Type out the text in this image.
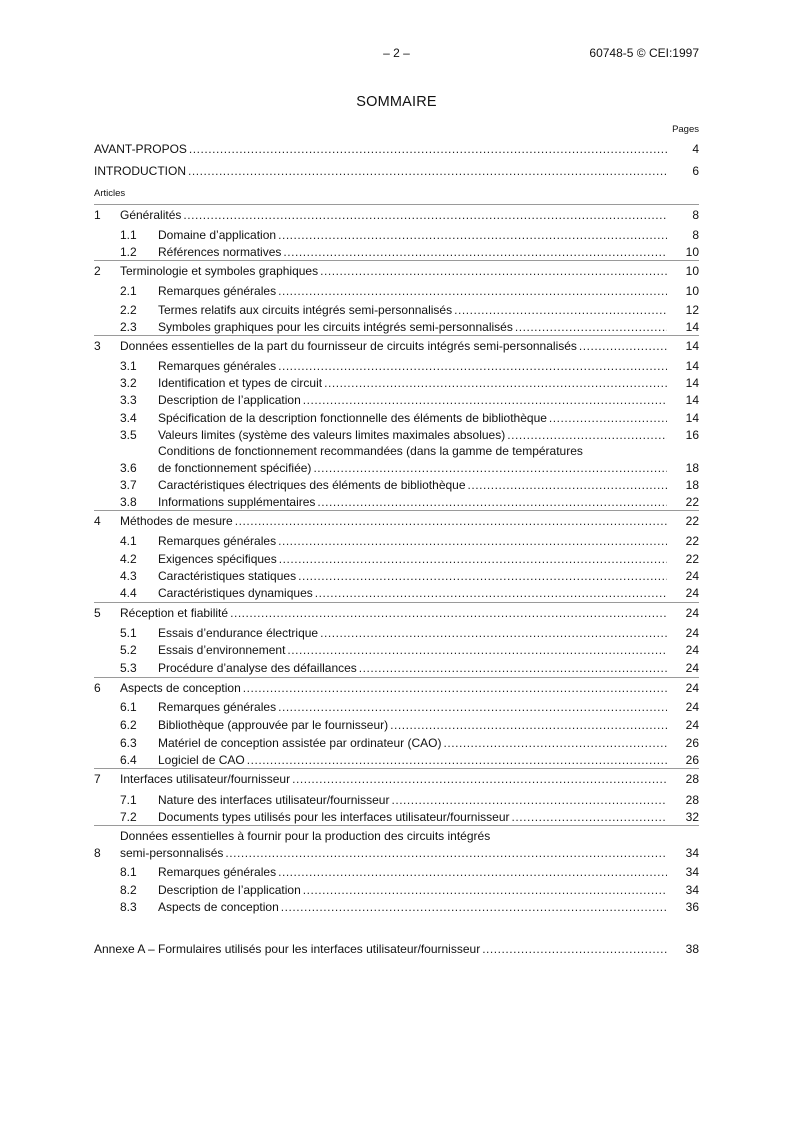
– 2 –	60748-5 © CEI:1997
SOMMAIRE
Pages
Articles
AVANT-PROPOS . . .	4
INTRODUCTION . . .	6
1 Généralités . . .	8
1.1 Domaine d’application . . .	8
1.2 Références normatives . . .	10
2 Terminologie et symboles graphiques . . .	10
2.1 Remarques générales . . .	10
2.2 Termes relatifs aux circuits intégrés semi-personnalisés . . .	12
2.3 Symboles graphiques pour les circuits intégrés semi-personnalisés . . .	14
3 Données essentielles de la part du fournisseur de circuits intégrés semi-personnalisés . . .	14
3.1 Remarques générales . . .	14
3.2 Identification et types de circuit . . .	14
3.3 Description de l’application . . .	14
3.4 Spécification de la description fonctionnelle des éléments de bibliothèque . . .	14
3.5 Valeurs limites (système des valeurs limites maximales absolues) . . .	16
3.6
Conditions de fonctionnement recommandées (dans la gamme de températures
de fonctionnement spécifiée) . . .	18
3.7 Caractéristiques électriques des éléments de bibliothèque . . .	18
3.8 Informations supplémentaires . . .	22
4 Méthodes de mesure . . .	22
4.1 Remarques générales . . .	22
4.2 Exigences spécifiques . . .	22
4.3 Caractéristiques statiques . . .	24
4.4 Caractéristiques dynamiques . . .	24
5 Réception et fiabilité . . .	24
5.1 Essais d’endurance électrique . . .	24
5.2 Essais d’environnement . . .	24
5.3 Procédure d’analyse des défaillances . . .	24
6 Aspects de conception . . .	24
6.1 Remarques générales . . .	24
6.2 Bibliothèque (approuvée par le fournisseur) . . .	24
6.3 Matériel de conception assistée par ordinateur (CAO) . . .	26
6.4 Logiciel de CAO . . .	26
7 Interfaces utilisateur/fournisseur . . .	28
7.1 Nature des interfaces utilisateur/fournisseur . . .	28
7.2 Documents types utilisés pour les interfaces utilisateur/fournisseur . . .	32
8
Données essentielles à fournir pour la production des circuits intégrés
semi-personnalisés . . .	34
8.1 Remarques générales . . .	34
8.2 Description de l’application . . .	34
8.3 Aspects de conception . . .	36
Annexe A – Formulaires utilisés pour les interfaces utilisateur/fournisseur . . .	38
